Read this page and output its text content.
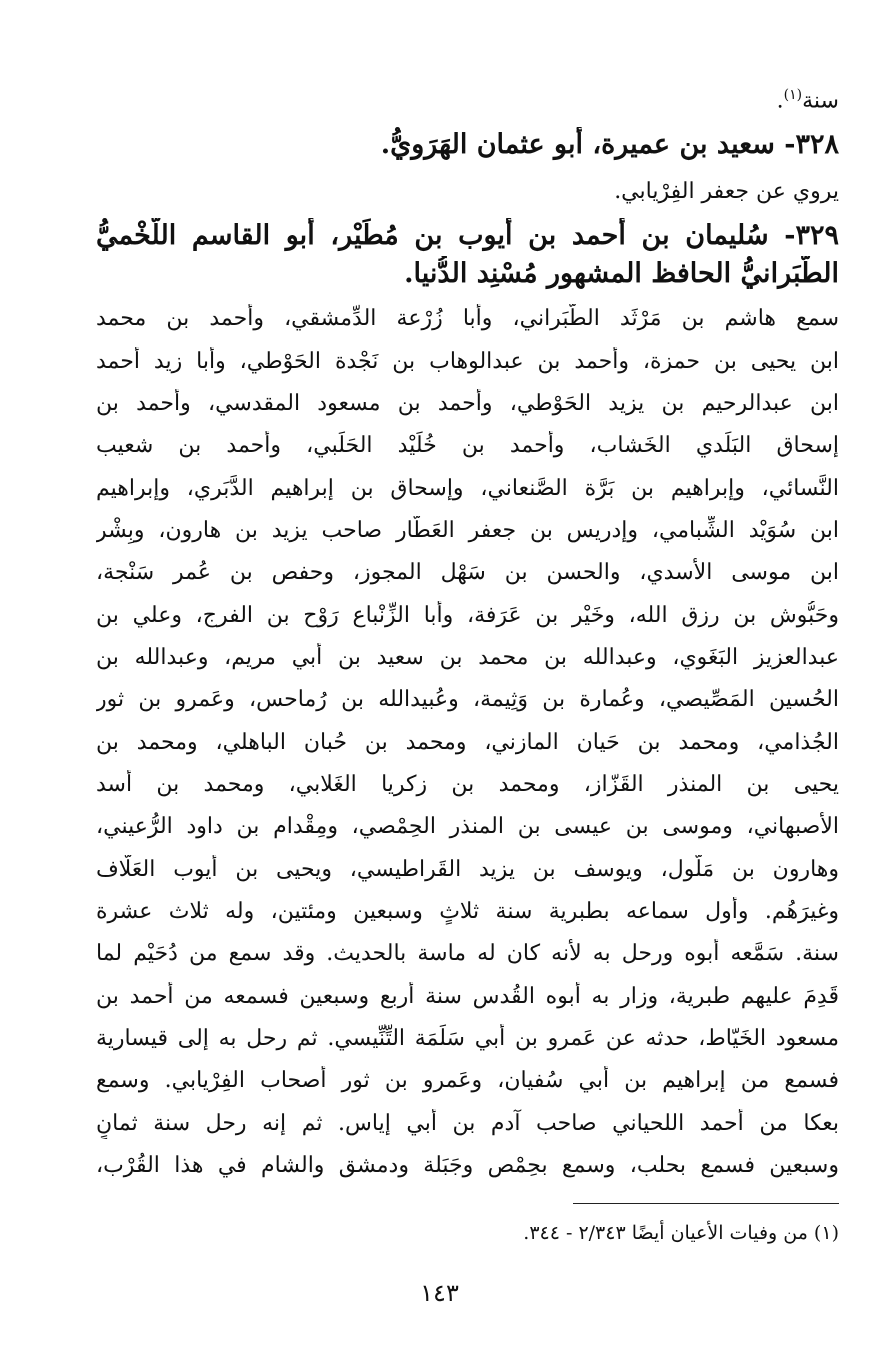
سنة$^{(١)}$.
٣٢٨- سعيد بن عميرة، أبو عثمان الهَرَويُّ.
يروي عن جعفر الفِرْيابي.
٣٢٩- سُليمان بن أحمد بن أيوب بن مُطَيْر، أبو القاسم اللَّخْميُّ
الطَّبَرانيُّ الحافظ المشهور مُسْنِد الدُّنيا.
سمع هاشم بن مَرْثَد الطَّبَراني، وأبا زُرْعة الدِّمشقي، وأحمد بن محمد
ابن يحيى بن حمزة، وأحمد بن عبدالوهاب بن نَجْدة الحَوْطي، وأبا زيد أحمد
ابن عبدالرحيم بن يزيد الحَوْطي، وأحمد بن مسعود المقدسي، وأحمد بن
إسحاق البَلَدي الخَشاب، وأحمد بن خُلَيْد الحَلَبي، وأحمد بن شعيب
النَّسائي، وإبراهيم بن بَرَّة الصَّنعاني، وإسحاق بن إبراهيم الدَّبَري، وإبراهيم
ابن سُوَيْد الشِّبامي، وإدريس بن جعفر العَطّار صاحب يزيد بن هارون، وبِشْر
ابن موسى الأسدي، والحسن بن سَهْل المجوز، وحفص بن عُمر سَنْجة،
وحَبُّوش بن رزق الله، وخَيْر بن عَرَفة، وأبا الزِّنْباع رَوْح بن الفرج، وعلي بن
عبدالعزيز البَغَوي، وعبدالله بن محمد بن سعيد بن أبي مريم، وعبدالله بن
الحُسين المَصِّيصي، وعُمارة بن وَثِيمة، وعُبيدالله بن رُماحس، وعَمرو بن ثور
الجُذامي، ومحمد بن حَيان المازني، ومحمد بن حُبان الباهلي، ومحمد بن
يحيى بن المنذر القَزّاز، ومحمد بن زكريا الغَلابي، ومحمد بن أسد
الأصبهاني، وموسى بن عيسى بن المنذر الحِمْصي، ومِقْدام بن داود الرُّعيني،
وهارون بن مَلُّول، ويوسف بن يزيد القَراطيسي، ويحيى بن أيوب العَلّاف
وغيرَهُم. وأول سماعه بطبرية سنة ثلاثٍ وسبعين ومئتين، وله ثلاث عشرة
سنة. سَمَّعه أبوه ورحل به لأنه كان له ماسة بالحديث. وقد سمع من دُحَيْم لما
قَدِمَ عليهم طبرية، وزار به أبوه القُدس سنة أربع وسبعين فسمعه من أحمد بن
مسعود الخَيّاط، حدثه عن عَمرو بن أبي سَلَمَة التِّنِّيسي. ثم رحل به إلى قيسارية
فسمع من إبراهيم بن أبي سُفيان، وعَمرو بن ثور أصحاب الفِرْيابي. وسمع
بعكا من أحمد اللحياني صاحب آدم بن أبي إياس. ثم إنه رحل سنة ثمانٍ
وسبعين فسمع بحلب، وسمع بحِمْص وجَبَلة ودمشق والشام في هذا القُرْب،
(١) من وفيات الأعيان أيضًا ٢/٣٤٣ - ٣٤٤.
١٤٣
